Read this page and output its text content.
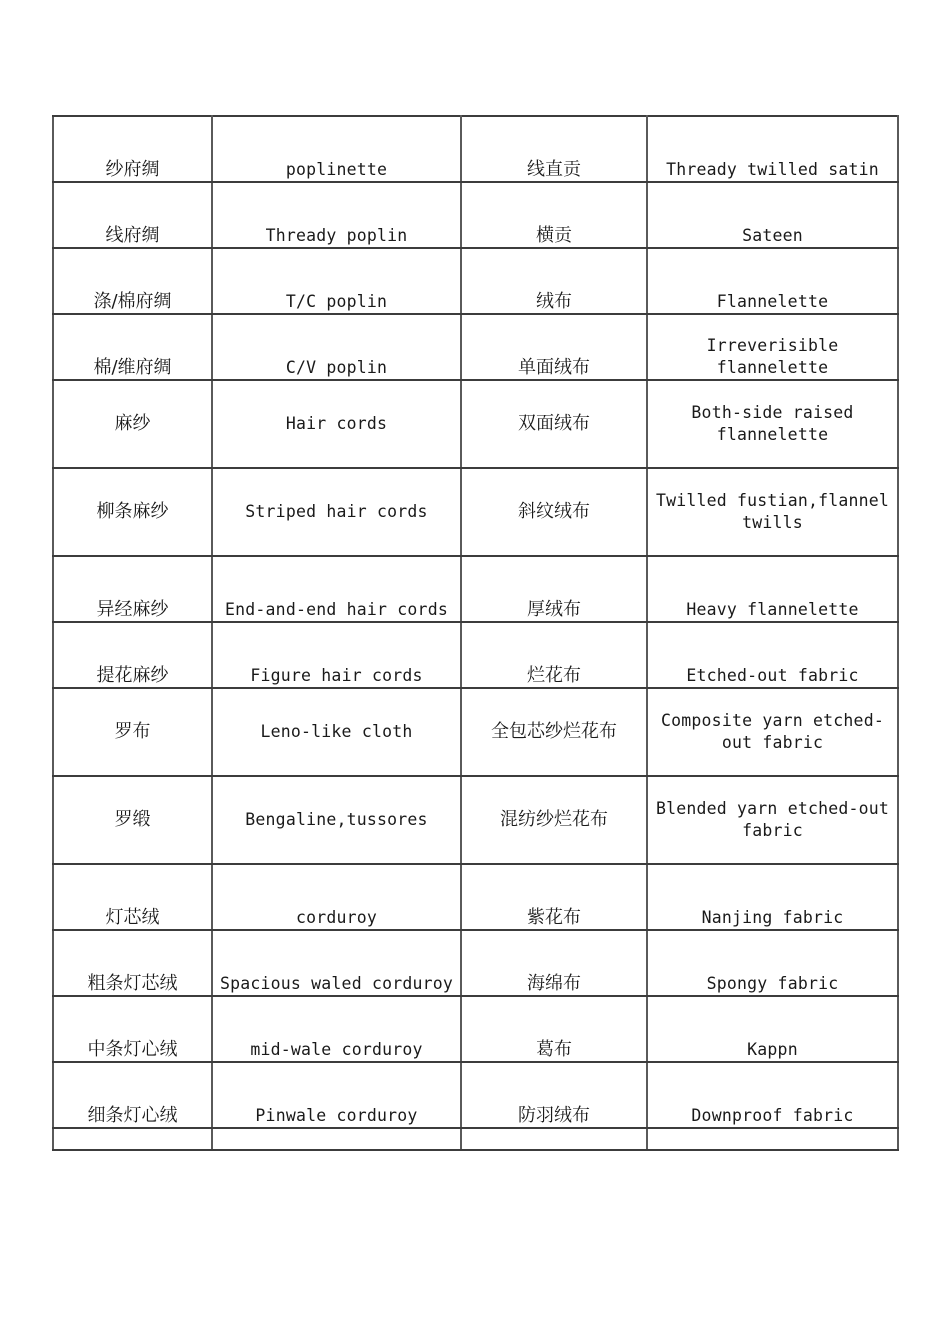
纱府绸	poplinette	线直贡	Thready twilled satin
线府绸	Thready poplin	横贡	Sateen
涤/棉府绸	T/C poplin	绒布	Flannelette
棉/维府绸	C/V poplin	单面绒布	Irreverisible flannelette
麻纱	Hair cords	双面绒布	Both-side raised flannelette
柳条麻纱	Striped hair cords	斜纹绒布	Twilled fustian,flannel twills
异经麻纱	End-and-end hair cords	厚绒布	Heavy flannelette
提花麻纱	Figure hair cords	烂花布	Etched-out fabric
罗布	Leno-like cloth	全包芯纱烂花布	Composite yarn etched-out fabric
罗缎	Bengaline,tussores	混纺纱烂花布	Blended yarn etched-out fabric
灯芯绒	corduroy	紫花布	Nanjing fabric
粗条灯芯绒	Spacious waled corduroy	海绵布	Spongy fabric
中条灯心绒	mid-wale corduroy	葛布	Kappn
细条灯心绒	Pinwale corduroy	防羽绒布	Downproof fabric
